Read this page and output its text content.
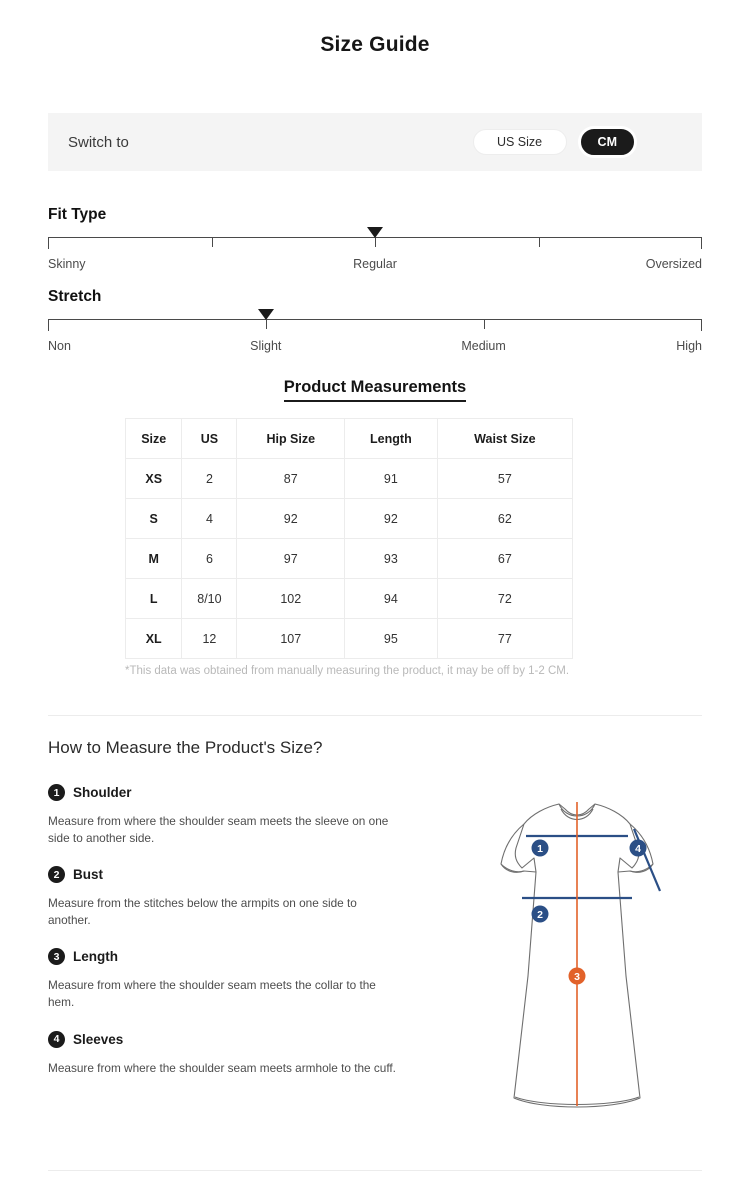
Size Guide
Switch to	US Size	CM
Fit Type
Skinny	Regular	Oversized
Stretch
Non	Slight	Medium	High
Product Measurements
Size	US	Hip Size	Length	Waist Size
XS	2	87	91	57
S	4	92	92	62
M	6	97	93	67
L	8/10	102	94	72
XL	12	107	95	77
*This data was obtained from manually measuring the product, it may be off by 1-2 CM.
How to Measure the Product's Size?
1	Shoulder
Measure from where the shoulder seam meets the sleeve on one side to another side.
2	Bust
Measure from the stitches below the armpits on one side to another.
3	Length
Measure from where the shoulder seam meets the collar to the hem.
4	Sleeves
Measure from where the shoulder seam meets armhole to the cuff.
1
2
3
4
